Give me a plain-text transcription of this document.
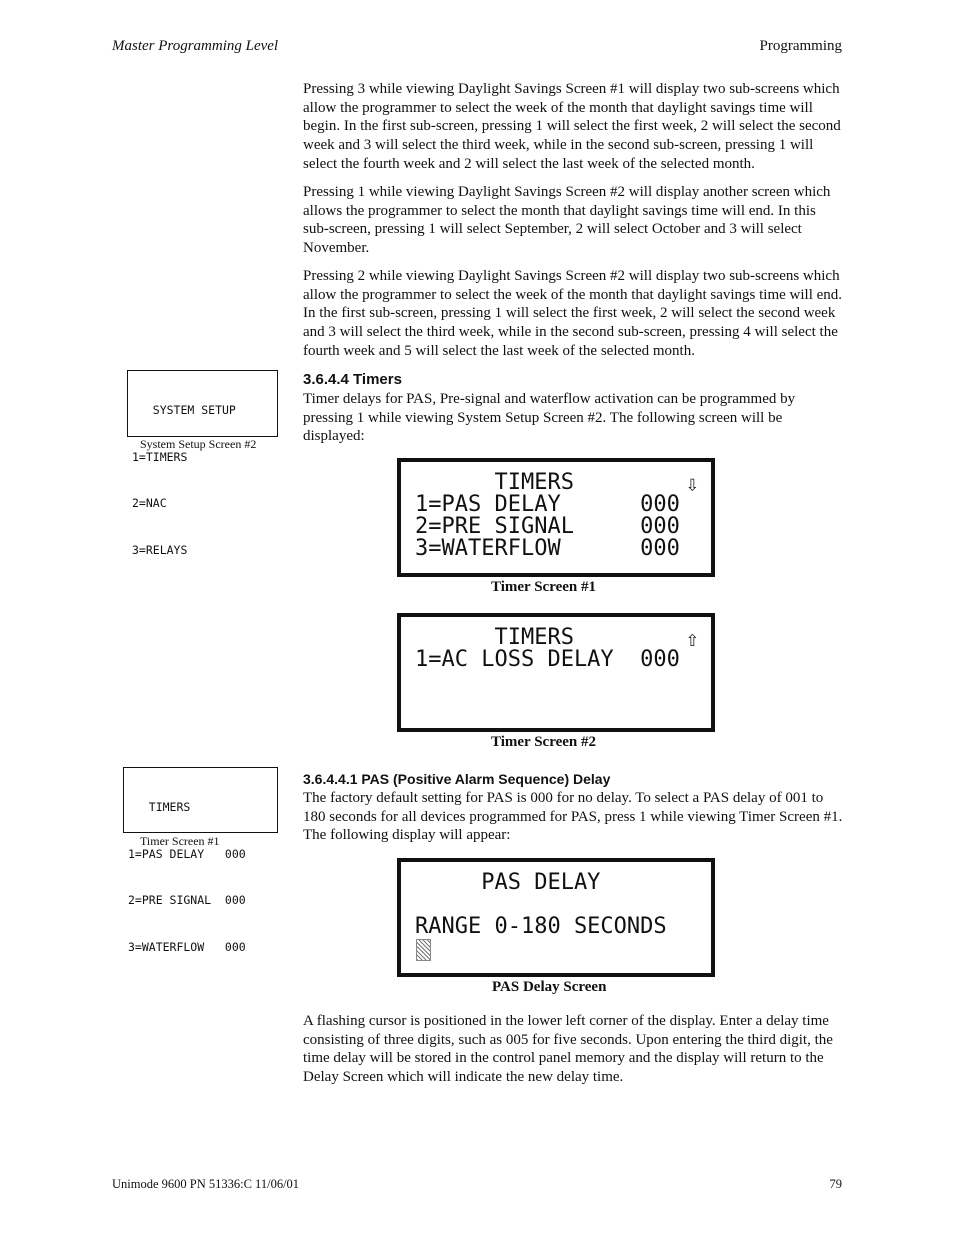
Master Programming Level	Programming
Pressing 3 while viewing Daylight Savings Screen #1 will display two sub-screens which allow the programmer to select the week of the month that daylight savings time will begin. In the first sub-screen, pressing 1 will select the first week, 2 will select the second week and 3 will select the third week, while in the second sub-screen, pressing 1 will select the fourth week and 2 will select the last week of the selected month.
Pressing 1 while viewing Daylight Savings Screen #2 will display another screen which allows the programmer to select the month that daylight savings time will end. In this sub-screen, pressing 1 will select September, 2 will select October and 3 will select November.
Pressing 2 while viewing Daylight Savings Screen #2 will display two sub-screens which allow the programmer to select the week of the month that daylight savings time will end. In the first sub-screen, pressing 1 will select the first week, 2 will select the second week and 3 will select the third week, while in the second sub-screen, pressing 4 will select the fourth week and 5 will select the last week of the selected month.

SYSTEM SETUP

1=TIMERS

2=NAC

3=RELAYS

System Setup Screen #2
3.6.4.4 Timers
Timer delays for PAS, Pre-signal and waterflow activation can be programmed by pressing 1 while viewing System Setup Screen #2. The following screen will be displayed:

TIMERS

1=PAS DELAY      000

2=PRE SIGNAL     000

3=WATERFLOW      000

⇩

Timer Screen #1

TIMERS

1=AC LOSS DELAY  000

⇧

Timer Screen #2

TIMERS

1=PAS DELAY   000

2=PRE SIGNAL  000

3=WATERFLOW   000

Timer Screen #1
3.6.4.4.1 PAS (Positive Alarm Sequence) Delay
The factory default setting for PAS is 000 for no delay. To select a PAS delay of 001 to 180 seconds for all devices programmed for PAS, press 1 while viewing Timer Screen #1. The following display will appear:

PAS DELAY

RANGE 0-180 SECONDS

PAS Delay Screen
A flashing cursor is positioned in the lower left corner of the display. Enter a delay time consisting of three digits, such as 005 for five seconds. Upon entering the third digit, the time delay will be stored in the control panel memory and the display will return to the Delay Screen which will indicate the new delay time.
Unimode 9600 PN 51336:C 11/06/01	79
